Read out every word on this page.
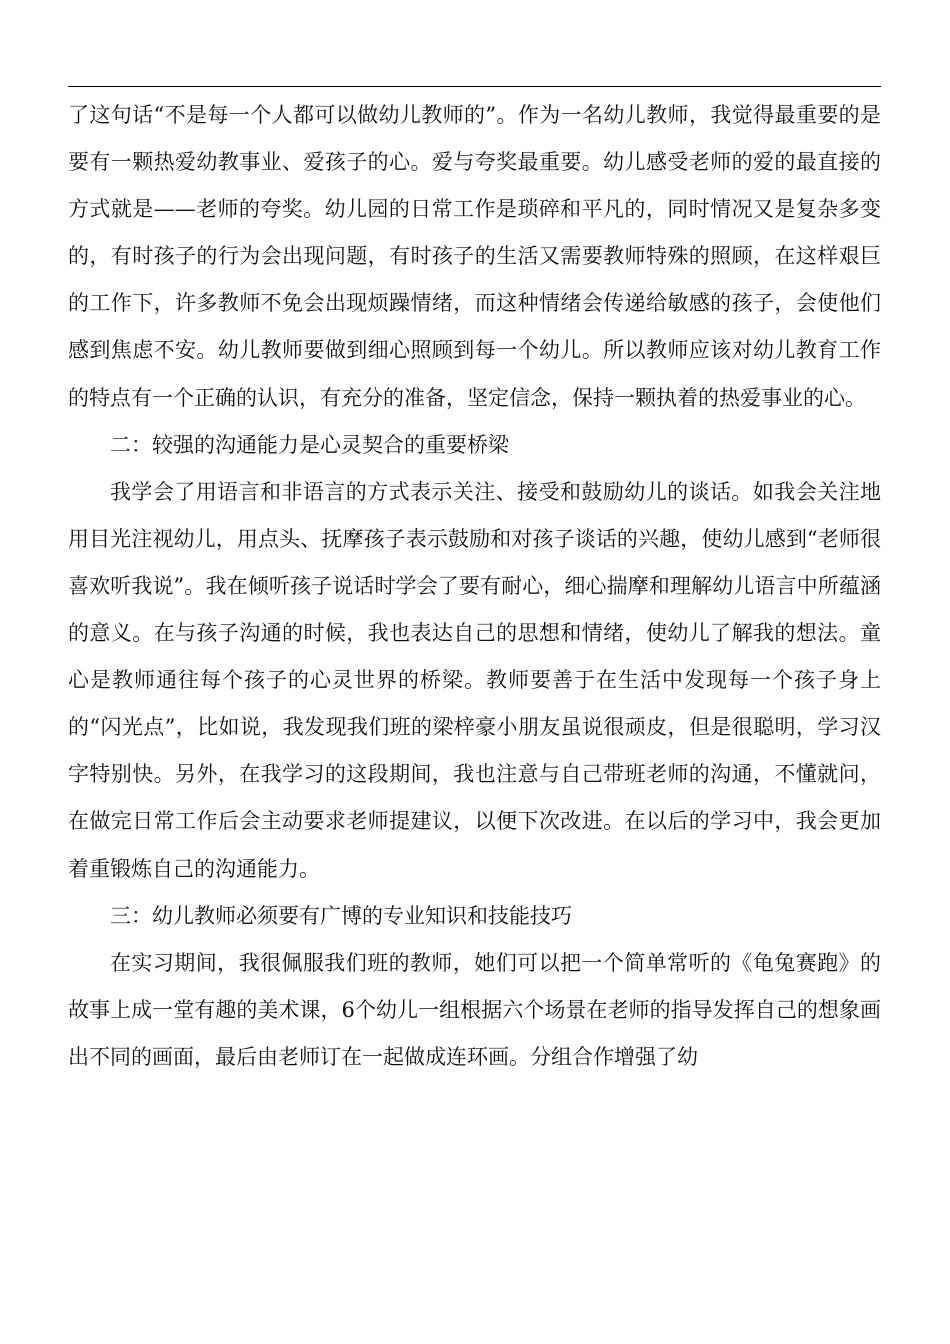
了这句话“不是每一个人都可以做幼儿教师的”。作为一名幼儿教师，我觉得最重要的是要有一颗热爱幼教事业、爱孩子的心。爱与夸奖最重要。幼儿感受老师的爱的最直接的方式就是——老师的夸奖。幼儿园的日常工作是琐碎和平凡的，同时情况又是复杂多变的，有时孩子的行为会出现问题，有时孩子的生活又需要教师特殊的照顾，在这样艰巨的工作下，许多教师不免会出现烦躁情绪，而这种情绪会传递给敏感的孩子，会使他们感到焦虑不安。幼儿教师要做到细心照顾到每一个幼儿。所以教师应该对幼儿教育工作的特点有一个正确的认识，有充分的准备，坚定信念，保持一颗执着的热爱事业的心。

二：较强的沟通能力是心灵契合的重要桥梁

我学会了用语言和非语言的方式表示关注、接受和鼓励幼儿的谈话。如我会关注地用目光注视幼儿，用点头、抚摩孩子表示鼓励和对孩子谈话的兴趣，使幼儿感到“老师很喜欢听我说”。我在倾听孩子说话时学会了要有耐心，细心揣摩和理解幼儿语言中所蕴涵的意义。在与孩子沟通的时候，我也表达自己的思想和情绪，使幼儿了解我的想法。童心是教师通往每个孩子的心灵世界的桥梁。教师要善于在生活中发现每一个孩子身上的“闪光点”，比如说，我发现我们班的梁梓豪小朋友虽说很顽皮，但是很聪明，学习汉字特别快。另外，在我学习的这段期间，我也注意与自己带班老师的沟通，不懂就问，在做完日常工作后会主动要求老师提建议，以便下次改进。在以后的学习中，我会更加着重锻炼自己的沟通能力。

三：幼儿教师必须要有广博的专业知识和技能技巧

在实习期间，我很佩服我们班的教师，她们可以把一个简单常听的《龟兔赛跑》的故事上成一堂有趣的美术课，6个幼儿一组根据六个场景在老师的指导发挥自己的想象画出不同的画面，最后由老师订在一起做成连环画。分组合作增强了幼
